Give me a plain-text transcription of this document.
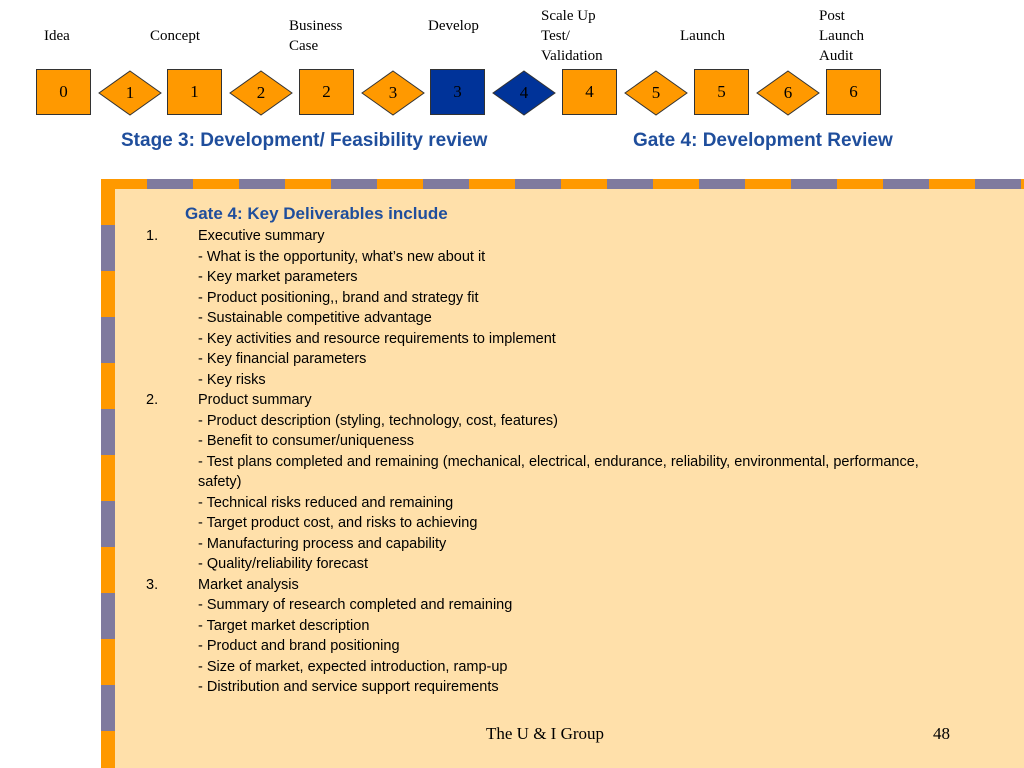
Idea	Concept
Business
Case
Develop
Scale Up
Test/
Validation
Launch
Post
Launch
Audit
0	1	2	3	4	5	6
1	2	3	4	5	6
Stage 3: Development/ Feasibility review	Gate 4: Development Review
Gate 4: Key Deliverables include
1.	Executive summary
- What is the opportunity, what’s new about it
- Key market parameters
- Product positioning,, brand and strategy fit
- Sustainable competitive advantage
- Key activities and resource requirements to implement
- Key financial parameters
- Key risks
2.	Product summary
- Product description (styling, technology, cost, features)
- Benefit to consumer/uniqueness
- Test plans completed and remaining (mechanical, electrical, endurance, reliability, environmental, performance, safety)
- Technical risks reduced and remaining
- Target product cost, and risks to achieving
- Manufacturing process and capability
- Quality/reliability forecast
3.	Market analysis
- Summary of research completed and remaining
- Target market description
- Product and brand positioning
- Size of market, expected introduction, ramp-up
- Distribution and service support requirements
The U & I Group	48
